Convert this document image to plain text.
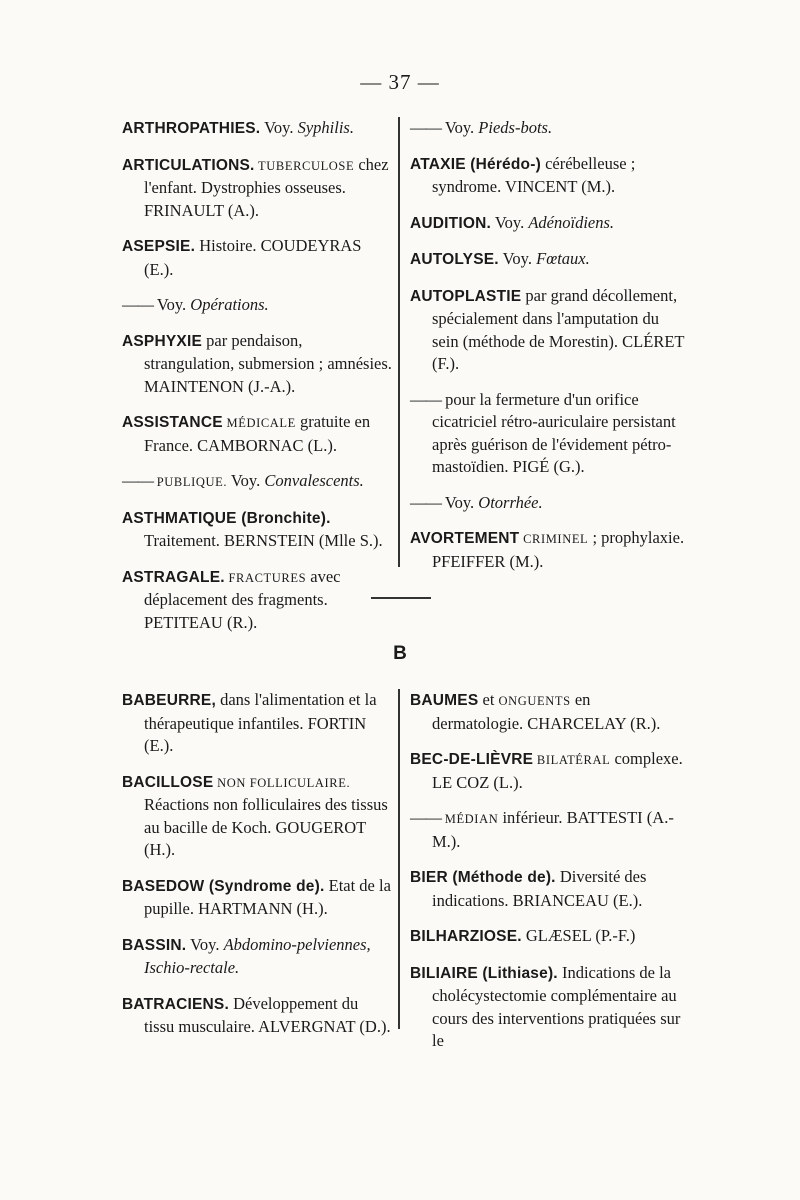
— 37 —
ARTHROPATHIES. Voy. Syphilis.
ARTICULATIONS. TUBERCULOSE chez l'enfant. Dystrophies osseuses. FRINAULT (A.).
ASEPSIE. Histoire. COUDEYRAS (E.).
—— Voy. Opérations.
ASPHYXIE par pendaison, strangulation, submersion ; amnésies. MAINTENON (J.-A.).
ASSISTANCE MÉDICALE gratuite en France. CAMBORNAC (L.).
—— PUBLIQUE. Voy. Convalescents.
ASTHMATIQUE (Bronchite). Traitement. BERNSTEIN (Mlle S.).
ASTRAGALE. FRACTURES avec déplacement des fragments. PETITEAU (R.).
—— Voy. Pieds-bots.
ATAXIE (Hérédo-) cérébelleuse ; syndrome. VINCENT (M.).
AUDITION. Voy. Adénoïdiens.
AUTOLYSE. Voy. Fœtaux.
AUTOPLASTIE par grand décollement, spécialement dans l'amputation du sein (méthode de Morestin). CLÉRET (F.).
—— pour la fermeture d'un orifice cicatriciel rétro-auriculaire persistant après guérison de l'évidement pétro-mastoïdien. PIGÉ (G.).
—— Voy. Otorrhée.
AVORTEMENT CRIMINEL ; prophylaxie. PFEIFFER (M.).
B
BABEURRE, dans l'alimentation et la thérapeutique infantiles. FORTIN (E.).
BACILLOSE NON FOLLICULAIRE. Réactions non folliculaires des tissus au bacille de Koch. GOUGEROT (H.).
BASEDOW (Syndrome de). Etat de la pupille. HARTMANN (H.).
BASSIN. Voy. Abdomino-pelviennes, Ischio-rectale.
BATRACIENS. Développement du tissu musculaire. ALVERGNAT (D.).
BAUMES et ONGUENTS en dermatologie. CHARCELAY (R.).
BEC-DE-LIÈVRE BILATÉRAL complexe. LE COZ (L.).
—— MÉDIAN inférieur. BATTESTI (A.-M.).
BIER (Méthode de). Diversité des indications. BRIANCEAU (E.).
BILHARZIOSE. GLÆSEL (P.-F.)
BILIAIRE (Lithiase). Indications de la cholécystectomie complémentaire au cours des interventions pratiquées sur le
